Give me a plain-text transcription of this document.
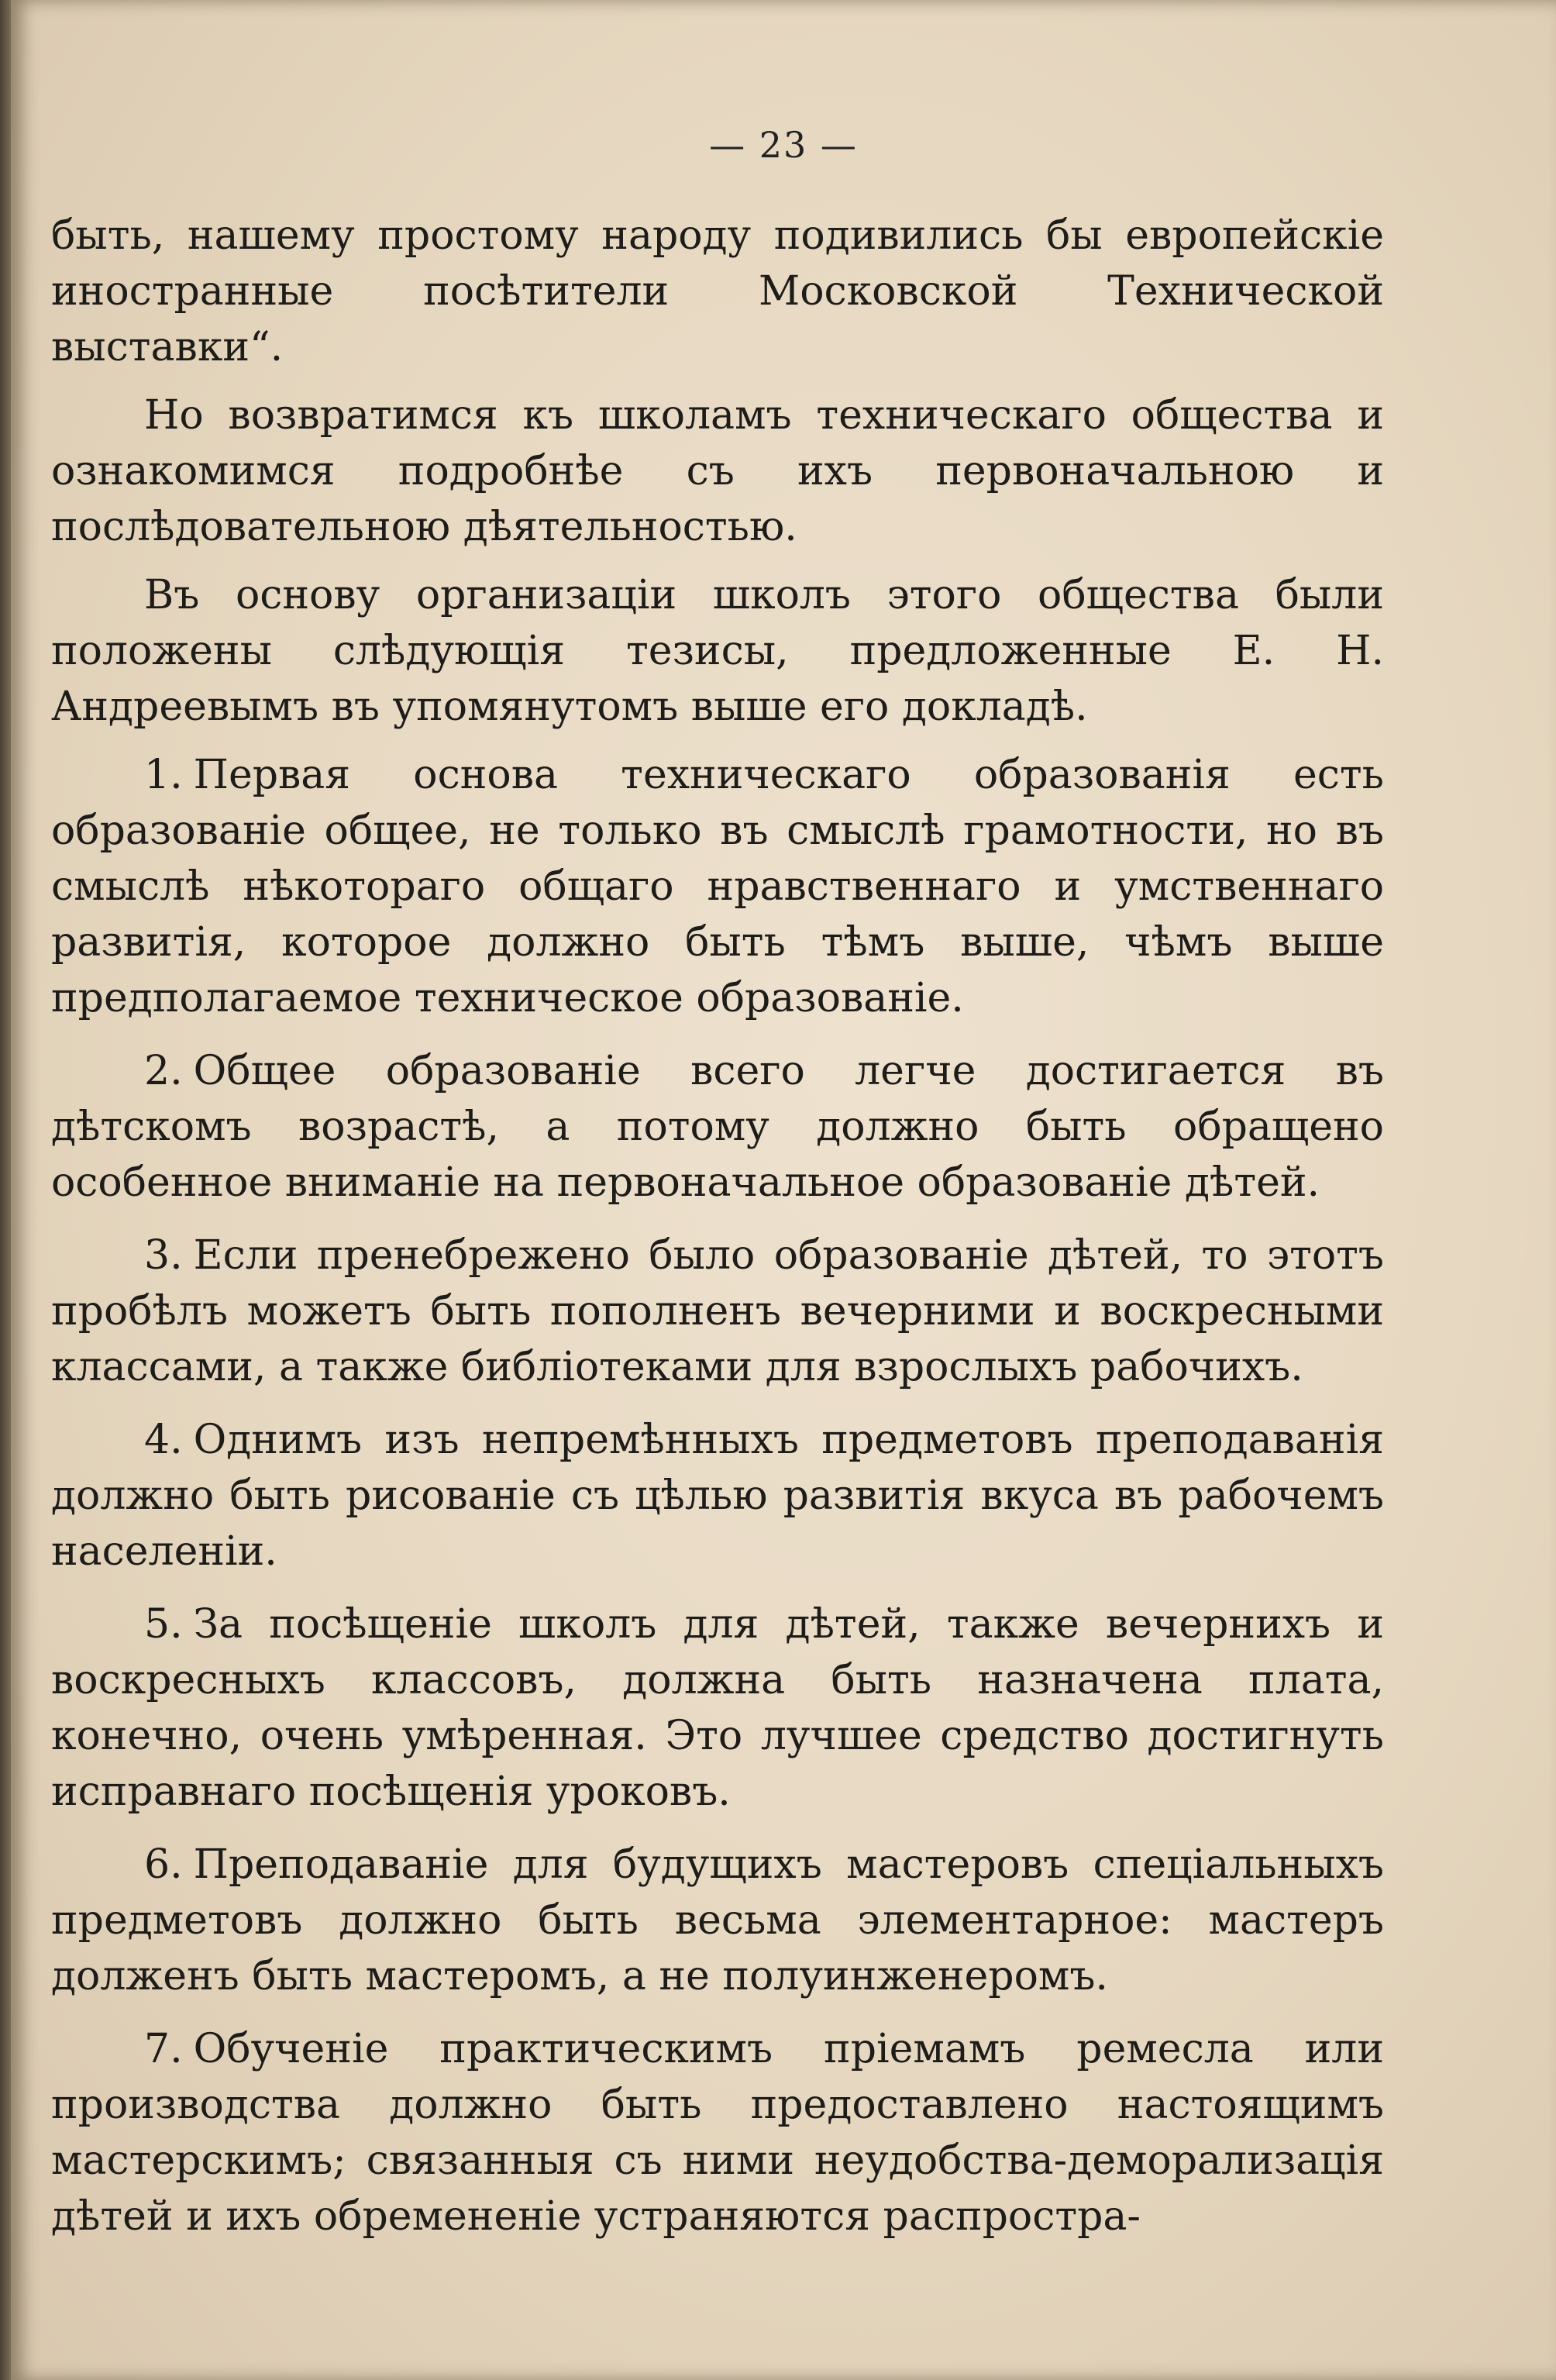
— 23 —

быть, нашему простому народу подивились бы европейскіе иностранные посѣтители Московской Технической выставки“.

Но возвратимся къ школамъ техническаго общества и ознакомимся подробнѣе съ ихъ первоначальною и послѣдовательною дѣятельностью.

Въ основу организаціи школъ этого общества были положены слѣдующія тезисы, предложенные Е. Н. Андреевымъ въ упомянутомъ выше его докладѣ.

1. Первая основа техническаго образованія есть образованіе общее, не только въ смыслѣ грамотности, но въ смыслѣ нѣкотораго общаго нравственнаго и умственнаго развитія, которое должно быть тѣмъ выше, чѣмъ выше предполагаемое техническое образованіе.

2. Общее образованіе всего легче достигается въ дѣтскомъ возрастѣ, а потому должно быть обращено особенное вниманіе на первоначальное образованіе дѣтей.

3. Если пренебрежено было образованіе дѣтей, то этотъ пробѣлъ можетъ быть пополненъ вечерними и воскресными классами, а также библіотеками для взрослыхъ рабочихъ.

4. Однимъ изъ непремѣнныхъ предметовъ преподаванія должно быть рисованіе съ цѣлью развитія вкуса въ рабочемъ населеніи.

5. За посѣщеніе школъ для дѣтей, также вечернихъ и воскресныхъ классовъ, должна быть назначена плата, конечно, очень умѣренная. Это лучшее средство достигнуть исправнаго посѣщенія уроковъ.

6. Преподаваніе для будущихъ мастеровъ спеціальныхъ предметовъ должно быть весьма элементарное: мастеръ долженъ быть мастеромъ, а не полуинженеромъ.

7. Обученіе практическимъ пріемамъ ремесла или производства должно быть предоставлено настоящимъ мастерскимъ; связанныя съ ними неудобства-деморализація дѣтей и ихъ обремененіе устраняются распростра-
